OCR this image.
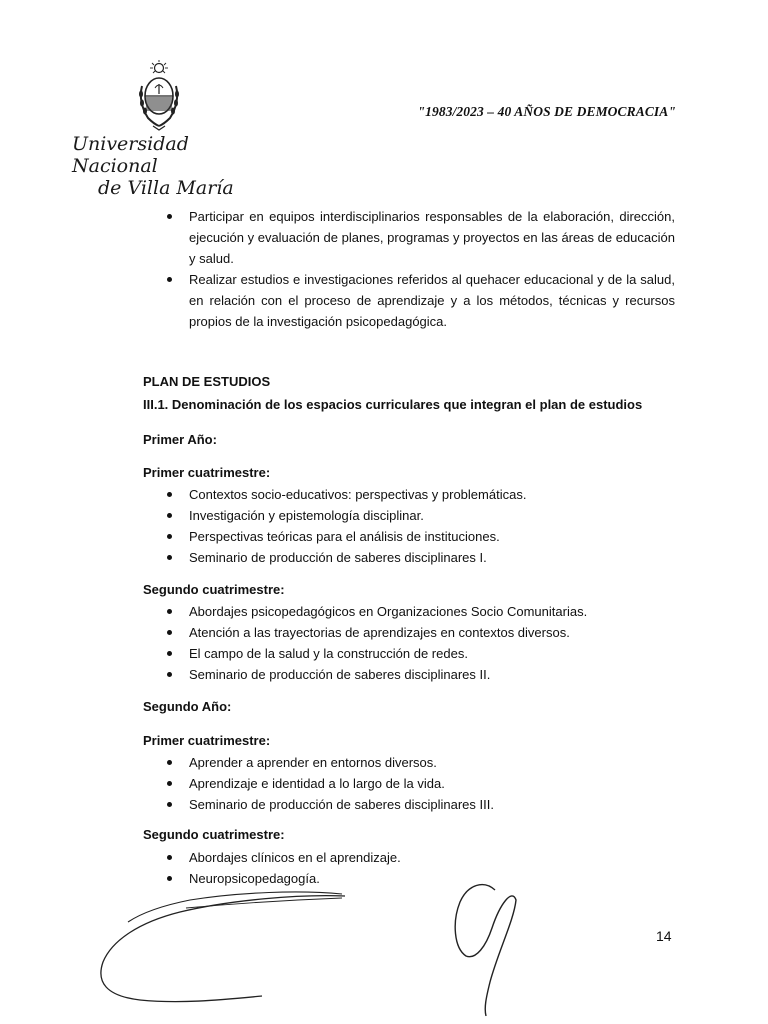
Universidad Nacional
de Villa María
"1983/2023 – 40 AÑOS DE DEMOCRACIA"
Participar en equipos interdisciplinarios responsables de la elaboración, dirección, ejecución y evaluación de planes, programas y proyectos en las áreas de educación y salud.
Realizar estudios e investigaciones referidos al quehacer educacional y de la salud, en relación con el proceso de aprendizaje y a los métodos, técnicas y recursos propios de la investigación psicopedagógica.
PLAN DE ESTUDIOS
III.1. Denominación de los espacios curriculares que integran el plan de estudios
Primer Año:
Primer cuatrimestre:
Contextos socio-educativos: perspectivas y problemáticas.
Investigación y epistemología disciplinar.
Perspectivas teóricas para el análisis de instituciones.
Seminario de producción de saberes disciplinares I.
Segundo cuatrimestre:
Abordajes psicopedagógicos en Organizaciones Socio Comunitarias.
Atención a las trayectorias de aprendizajes en contextos diversos.
El campo de la salud y la construcción de redes.
Seminario de producción de saberes disciplinares II.
Segundo Año:
Primer cuatrimestre:
Aprender a aprender en entornos diversos.
Aprendizaje e identidad a lo largo de la vida.
Seminario de producción de saberes disciplinares III.
Segundo cuatrimestre:
Abordajes clínicos en el aprendizaje.
Neuropsicopedagogía.
14
